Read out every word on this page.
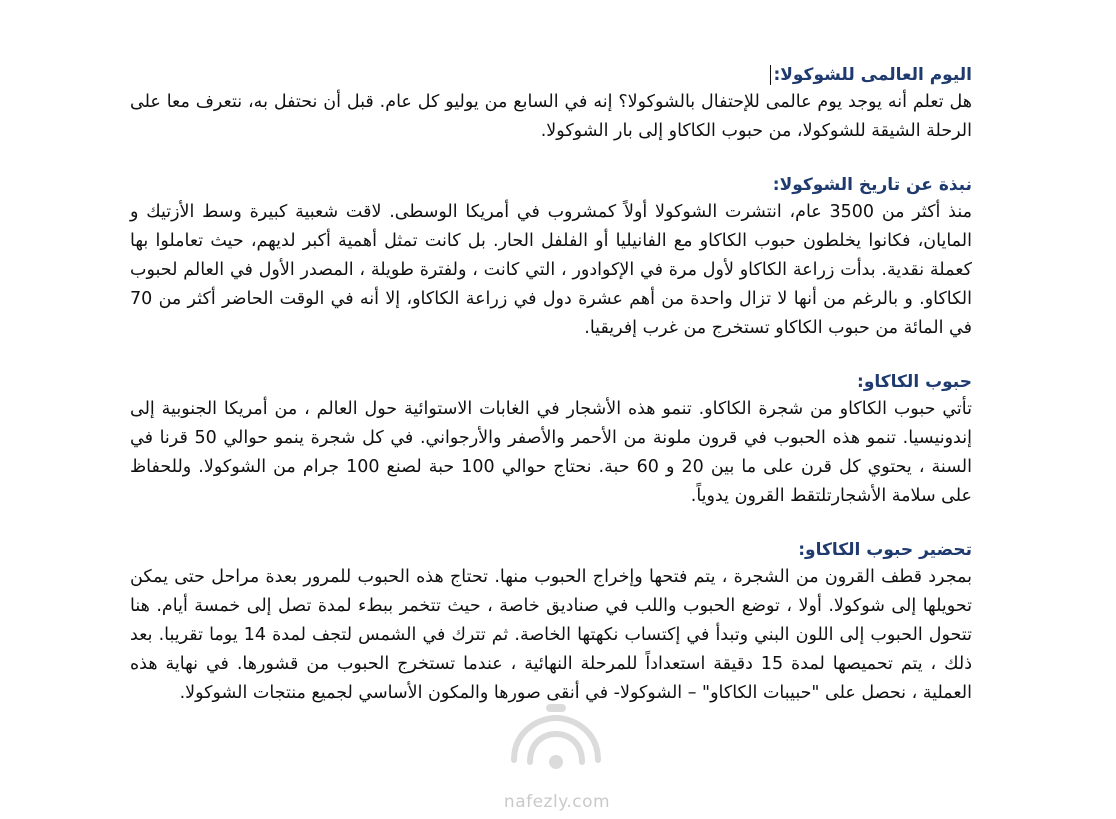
اليوم العالمى للشوكولا:

هل تعلم أنه يوجد يوم عالمى للإحتفال بالشوكولا؟ إنه في السابع من يوليو كل عام. قبل أن نحتفل به، نتعرف معا على الرحلة الشيقة للشوكولا، من حبوب الكاكاو إلى بار الشوكولا.

نبذة عن تاريخ الشوكولا:

منذ أكثر من 3500 عام، انتشرت الشوكولا أولاً كمشروب في أمريكا الوسطى. لاقت شعبية كبيرة وسط الأزتيك و المايان، فكانوا يخلطون حبوب الكاكاو مع الفانيليا أو الفلفل الحار. بل كانت تمثل أهمية أكبر لديهم، حيث تعاملوا بها كعملة نقدية. بدأت زراعة الكاكاو لأول مرة في الإكوادور ، التي كانت ، ولفترة طويلة ، المصدر الأول في العالم لحبوب الكاكاو. و بالرغم من أنها لا تزال واحدة من أهم عشرة دول في زراعة الكاكاو، إلا أنه في الوقت الحاضر أكثر من 70 في المائة من حبوب الكاكاو تستخرج من غرب إفريقيا.

حبوب الكاكاو:

تأتي حبوب الكاكاو من شجرة الكاكاو. تنمو هذه الأشجار في الغابات الاستوائية حول العالم ، من أمريكا الجنوبية إلى إندونيسيا. تنمو هذه الحبوب في قرون ملونة من الأحمر والأصفر والأرجواني. في كل شجرة ينمو حوالي 50 قرنا في السنة ، يحتوي كل قرن على ما بين 20 و 60 حبة. نحتاج حوالي 100 حبة لصنع 100 جرام من الشوكولا. وللحفاظ على سلامة الأشجارتلتقط القرون يدوياً.

تحضير حبوب الكاكاو:

بمجرد قطف القرون من الشجرة ، يتم فتحها وإخراج الحبوب منها. تحتاج هذه الحبوب للمرور بعدة مراحل حتى يمكن تحويلها إلى شوكولا. أولا ، توضع الحبوب واللب في صناديق خاصة ، حيث تتخمر ببطء لمدة تصل إلى خمسة أيام. هنا تتحول الحبوب إلى اللون البني وتبدأ في إكتساب نكهتها الخاصة. ثم تترك في الشمس لتجف لمدة 14 يوما تقريبا. بعد ذلك ، يتم تحميصها لمدة 15 دقيقة استعداداً للمرحلة النهائية ، عندما تستخرج الحبوب من قشورها. في نهاية هذه العملية ، نحصل على "حبيبات الكاكاو" – الشوكولا- في أنقى صورها والمكون الأساسي لجميع منتجات الشوكولا.

nafezly.com
